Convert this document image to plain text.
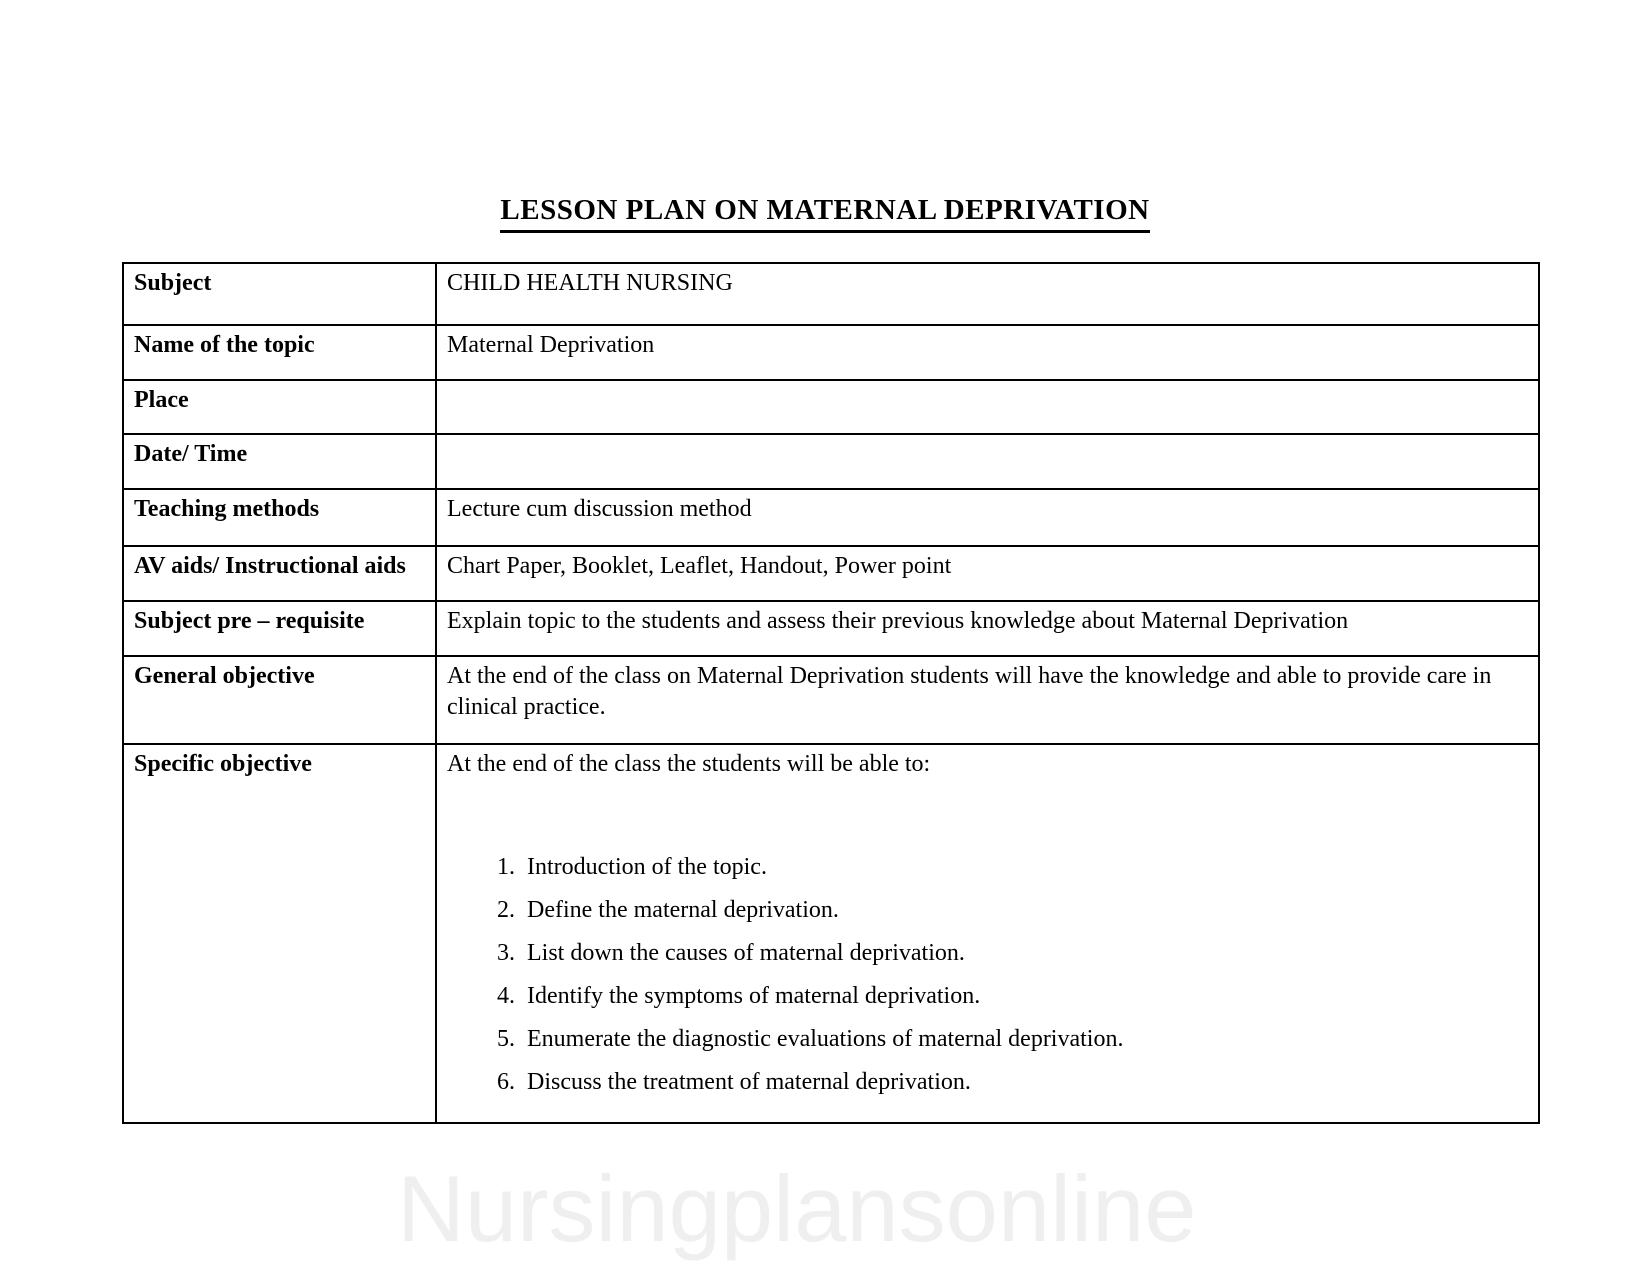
LESSON PLAN ON MATERNAL DEPRIVATION
Subject	CHILD HEALTH NURSING
Name of the topic	Maternal Deprivation
Place	
Date/ Time	
Teaching methods	Lecture cum discussion method
AV aids/ Instructional aids	Chart Paper, Booklet, Leaflet, Handout, Power point
Subject pre – requisite	Explain topic to the students and assess their previous knowledge about Maternal Deprivation
General objective	At the end of the class on Maternal Deprivation students will have the knowledge and able to provide care in clinical practice.
Specific objective	At the end of the class the students will be able to:

1. Introduction of the topic.
2. Define the maternal deprivation.
3. List down the causes of maternal deprivation.
4. Identify the symptoms of maternal deprivation.
5. Enumerate the diagnostic evaluations of maternal deprivation.
6. Discuss the treatment of maternal deprivation.
Nursingplansonline
